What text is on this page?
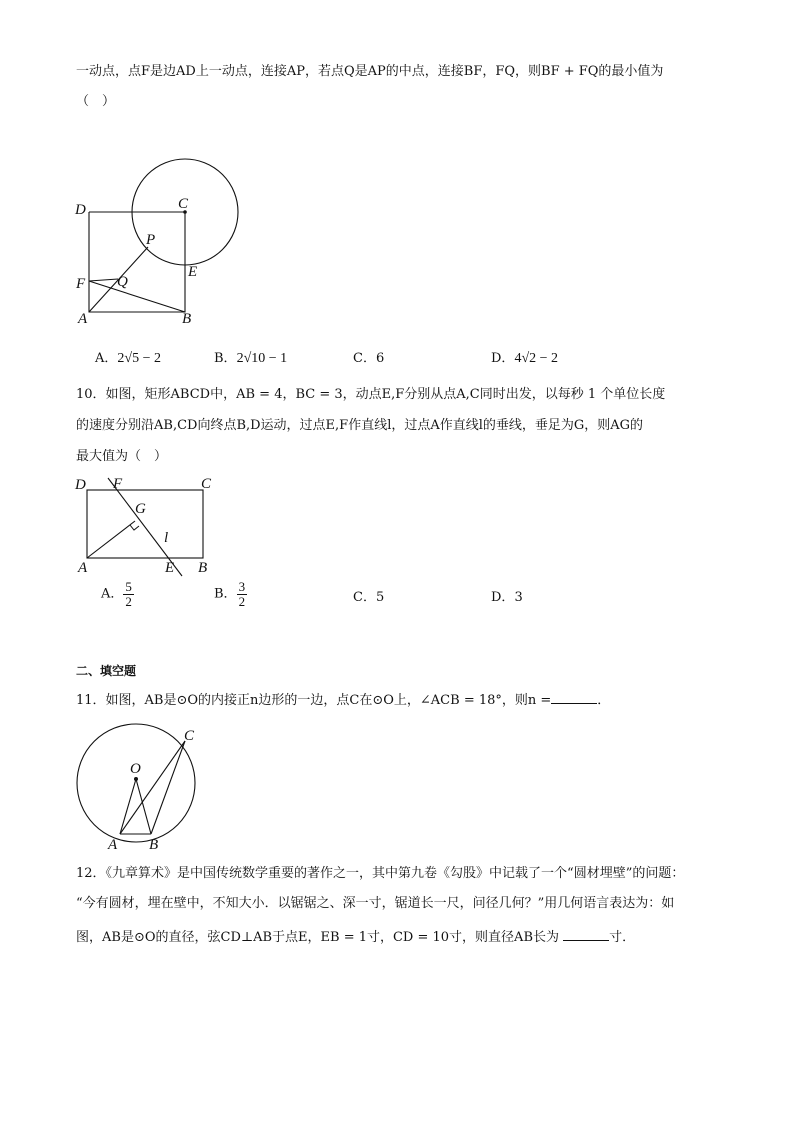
一动点，点F是边AD上一动点，连接AP，若点Q是AP的中点，连接BF，FQ，则BF + FQ的最小值为
（　）
D	C
P
E
F Q
A	B
A．2√5 − 2	B．2√10 − 1	C．6	D．4√2 − 2
10．如图，矩形ABCD中，AB = 4，BC = 3，动点E,F分别从点A,C同时出发，以每秒 1 个单位长度
的速度分别沿AB,CD向终点B,D运动，过点E,F作直线l，过点A作直线l的垂线，垂足为G，则AG的
最大值为（　）
D F	C
G
l
A	E B
A． $\frac{5}{2}$	B． $\frac{3}{2}$	C．5	D．3
二、填空题
11．如图，AB是⊙O的内接正n边形的一边，点C在⊙O上，∠ACB = 18°，则n =	．
O
C
A B
12．《九章算术》是中国传统数学重要的著作之一，其中第九卷《勾股》中记载了一个“圆材埋壁”的问题：
“今有圆材，埋在壁中，不知大小．以锯锯之、深一寸，锯道长一尺，问径几何？”用几何语言表达为：如
图，AB是⊙O的直径，弦CD⊥AB于点E，EB = 1寸，CD = 10寸，则直径AB长为	寸．
